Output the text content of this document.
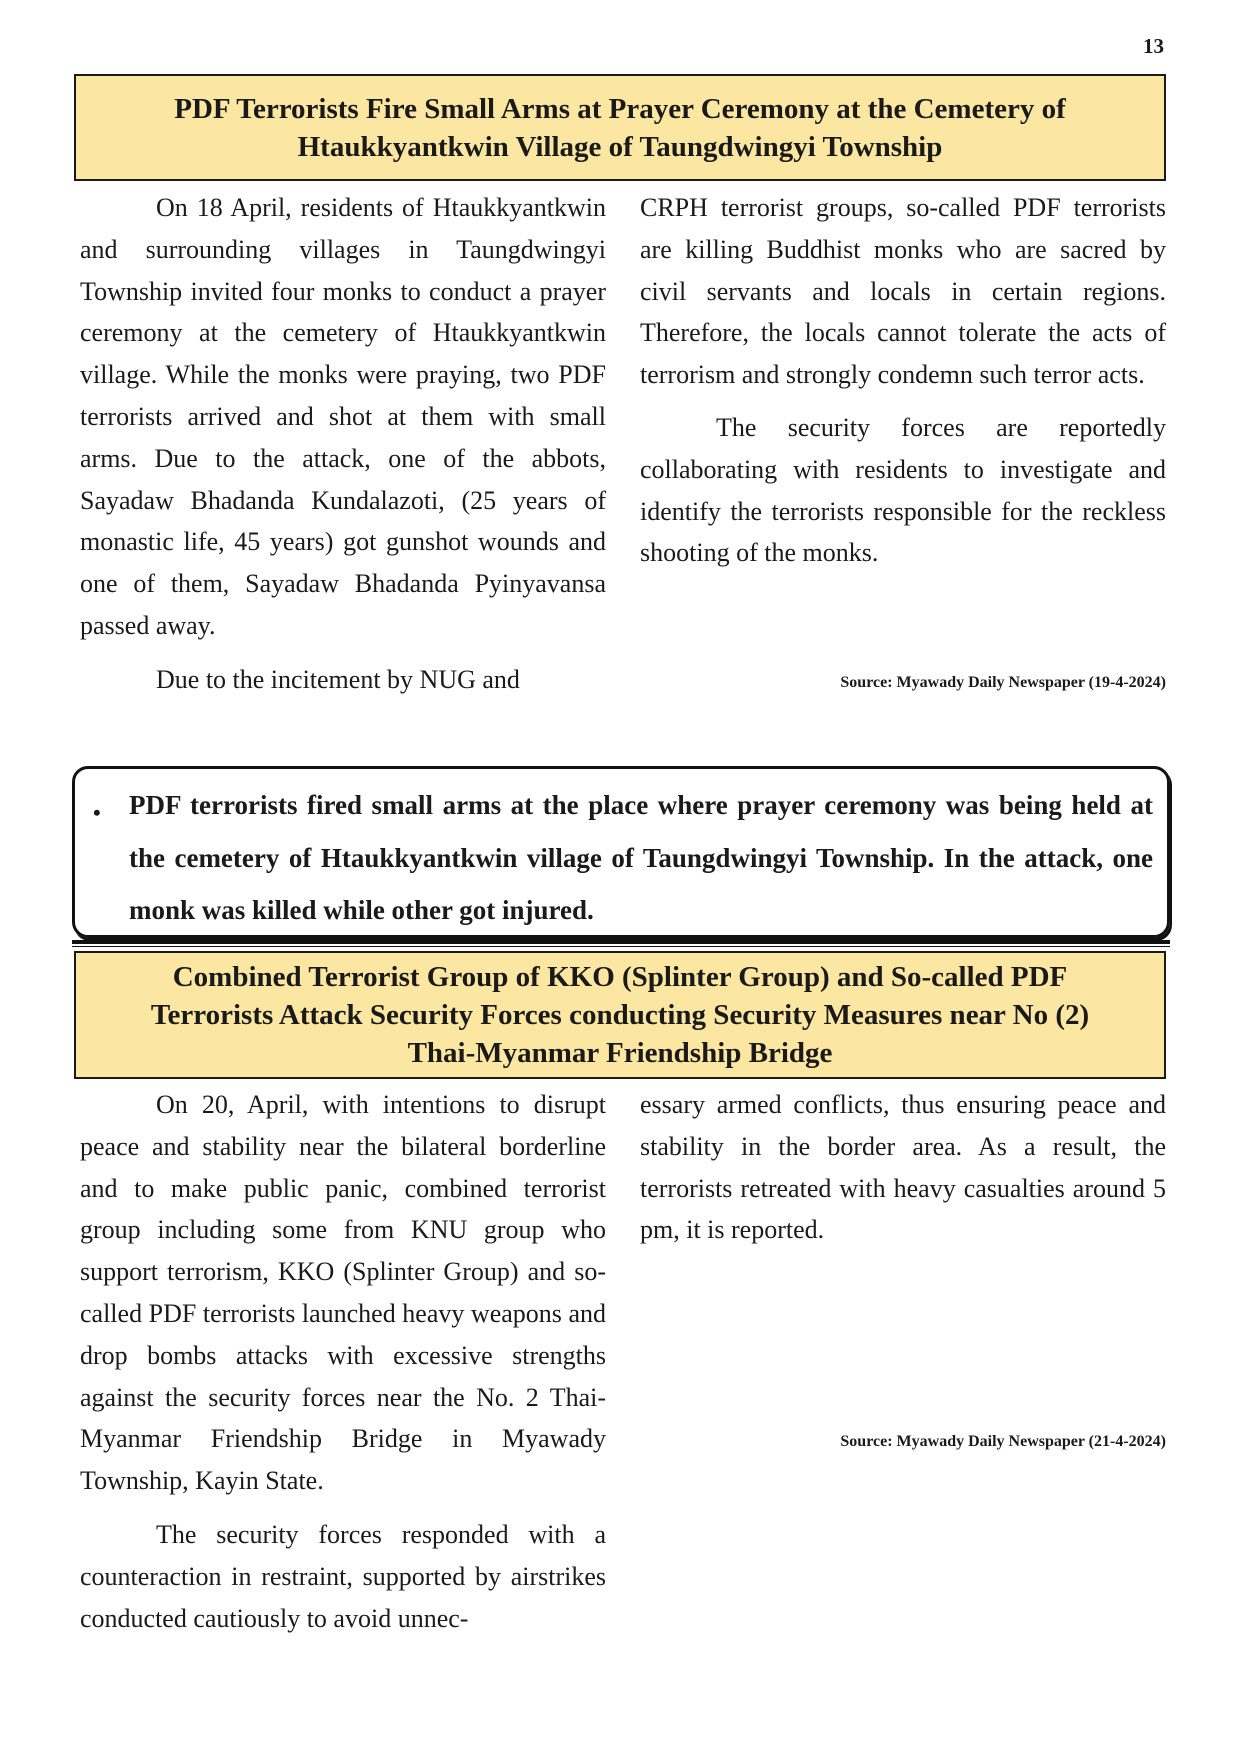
13
PDF Terrorists Fire Small Arms at Prayer Ceremony at the Cemetery of
Htaukkyantkwin Village of Taungdwingyi Township

On 18 April, residents of Htaukkyantkwin and surrounding villages in Taungdwingyi Township invited four monks to conduct a prayer ceremony at the cemetery of Htaukkyantkwin village. While the monks were praying, two PDF terrorists arrived and shot at them with small arms. Due to the attack, one of the abbots, Sayadaw Bhadanda Kundalazoti, (25 years of monastic life, 45 years) got gunshot wounds and one of them, Sayadaw Bhadanda Pyinyavansa passed away.

Due to the incitement by NUG and

CRPH terrorist groups, so-called PDF terrorists are killing Buddhist monks who are sacred by civil servants and locals in certain regions. Therefore, the locals cannot tolerate the acts of terrorism and strongly condemn such terror acts.

The security forces are reportedly collaborating with residents to investigate and identify the terrorists responsible for the reckless shooting of the monks.

Source: Myawady Daily Newspaper (19-4-2024)
• PDF terrorists fired small arms at the place where prayer ceremony was being held at the cemetery of Htaukkyantkwin village of Taungdwingyi Township. In the attack, one monk was killed while other got injured.
Combined Terrorist Group of KKO (Splinter Group) and So-called PDF
Terrorists Attack Security Forces conducting Security Measures near No (2)
Thai-Myanmar Friendship Bridge

On 20, April, with intentions to disrupt peace and stability near the bilateral borderline and to make public panic, combined terrorist group including some from KNU group who support terrorism, KKO (Splinter Group) and so-called PDF terrorists launched heavy weapons and drop bombs attacks with excessive strengths against the security forces near the No. 2 Thai-Myanmar Friendship Bridge in Myawady Township, Kayin State.

The security forces responded with a counteraction in restraint, supported by airstrikes conducted cautiously to avoid unnec-

essary armed conflicts, thus ensuring peace and stability in the border area. As a result, the terrorists retreated with heavy casualties around 5 pm, it is reported.

Source: Myawady Daily Newspaper (21-4-2024)
